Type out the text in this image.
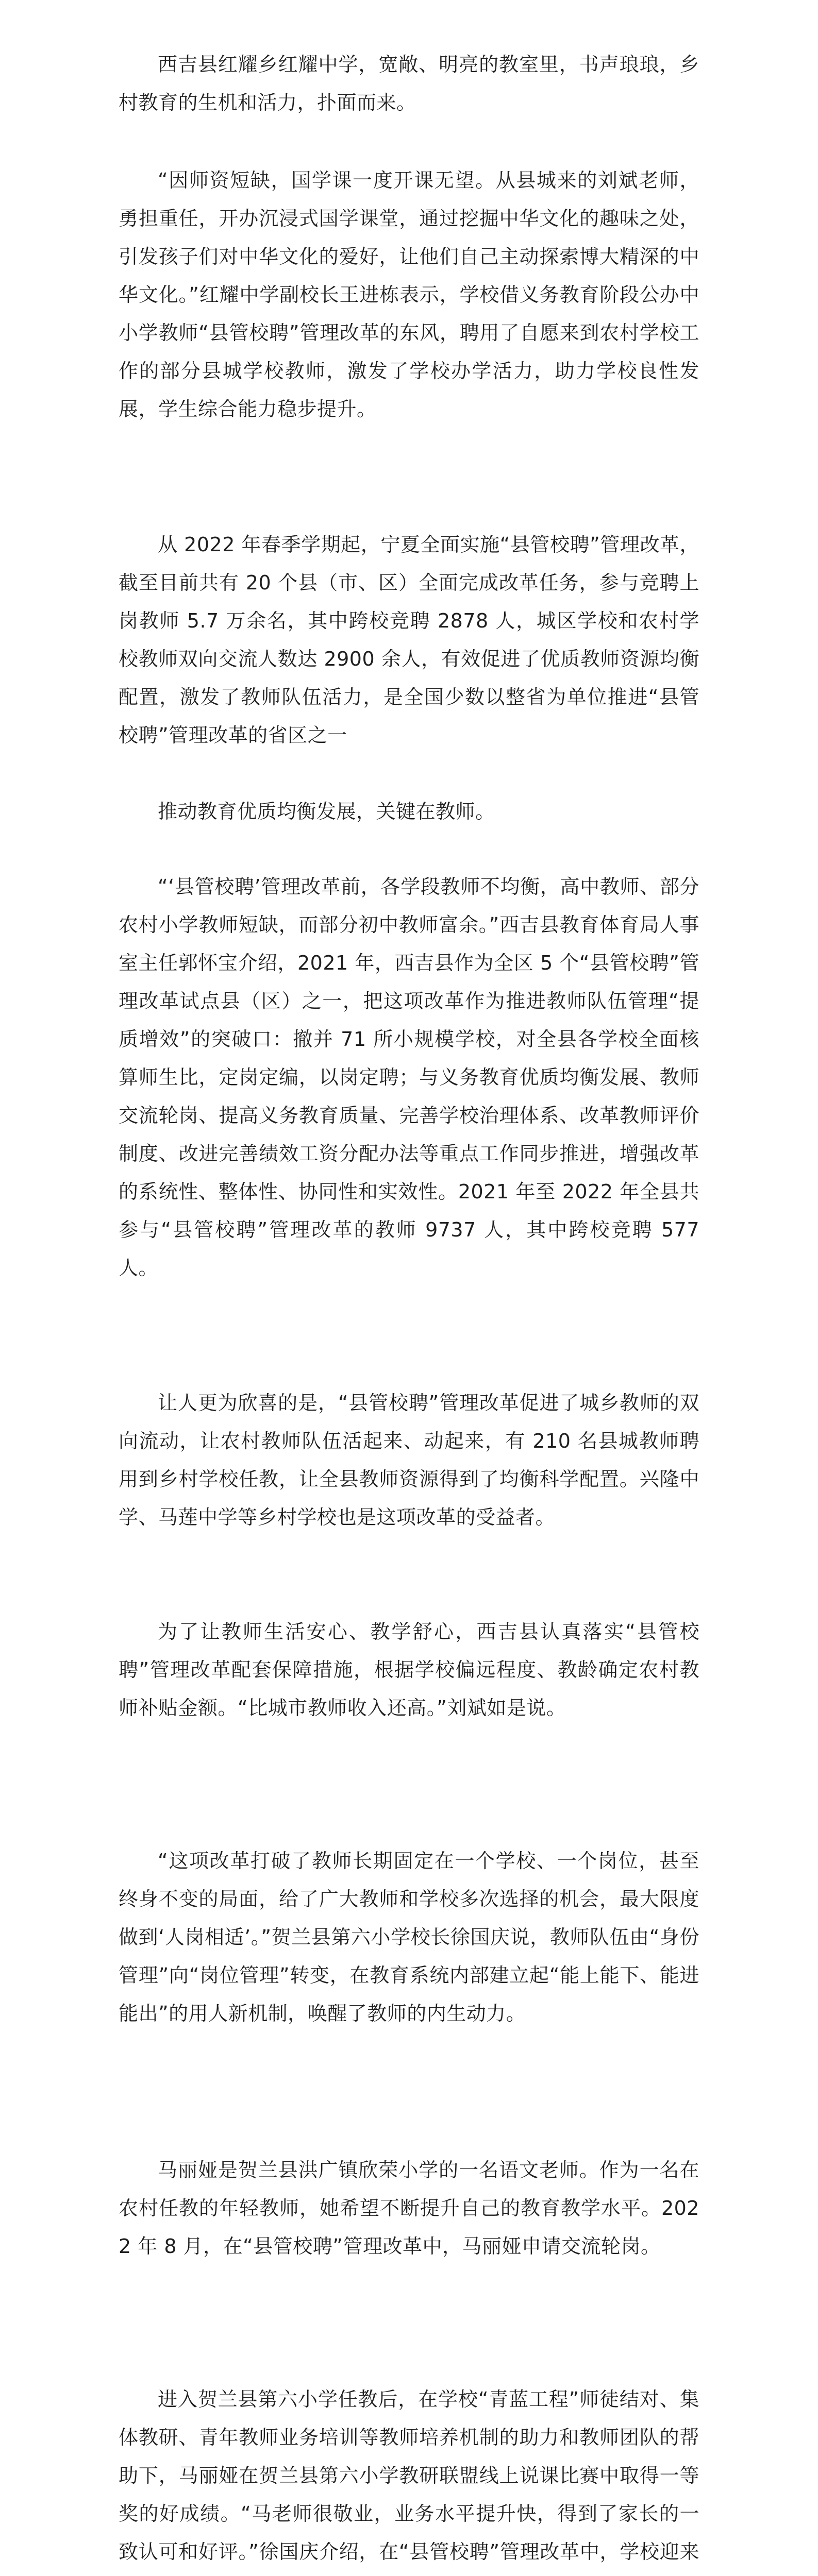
西吉县红耀乡红耀中学，宽敞、明亮的教室里，书声琅琅，乡村教育的生机和活力，扑面而来。

“因师资短缺，国学课一度开课无望。从县城来的刘斌老师，勇担重任，开办沉浸式国学课堂，通过挖掘中华文化的趣味之处，引发孩子们对中华文化的爱好，让他们自己主动探索博大精深的中华文化。”红耀中学副校长王进栋表示，学校借义务教育阶段公办中小学教师“县管校聘”管理改革的东风，聘用了自愿来到农村学校工作的部分县城学校教师，激发了学校办学活力，助力学校良性发展，学生综合能力稳步提升。

从 2022 年春季学期起，宁夏全面实施“县管校聘”管理改革，截至目前共有 20 个县（市、区）全面完成改革任务，参与竞聘上岗教师 5.7 万余名，其中跨校竞聘 2878 人，城区学校和农村学校教师双向交流人数达 2900 余人，有效促进了优质教师资源均衡配置，激发了教师队伍活力，是全国少数以整省为单位推进“县管校聘”管理改革的省区之一

推动教育优质均衡发展，关键在教师。

“‘县管校聘’管理改革前，各学段教师不均衡，高中教师、部分农村小学教师短缺，而部分初中教师富余。”西吉县教育体育局人事室主任郭怀宝介绍，2021 年，西吉县作为全区 5 个“县管校聘”管理改革试点县（区）之一，把这项改革作为推进教师队伍管理“提质增效”的突破口：撤并 71 所小规模学校，对全县各学校全面核算师生比，定岗定编，以岗定聘；与义务教育优质均衡发展、教师交流轮岗、提高义务教育质量、完善学校治理体系、改革教师评价制度、改进完善绩效工资分配办法等重点工作同步推进，增强改革的系统性、整体性、协同性和实效性。2021 年至 2022 年全县共参与“县管校聘”管理改革的教师 9737 人，其中跨校竞聘 577 人。

让人更为欣喜的是，“县管校聘”管理改革促进了城乡教师的双向流动，让农村教师队伍活起来、动起来，有 210 名县城教师聘用到乡村学校任教，让全县教师资源得到了均衡科学配置。兴隆中学、马莲中学等乡村学校也是这项改革的受益者。

为了让教师生活安心、教学舒心，西吉县认真落实“县管校聘”管理改革配套保障措施，根据学校偏远程度、教龄确定农村教师补贴金额。“比城市教师收入还高。”刘斌如是说。

“这项改革打破了教师长期固定在一个学校、一个岗位，甚至终身不变的局面，给了广大教师和学校多次选择的机会，最大限度做到‘人岗相适’。”贺兰县第六小学校长徐国庆说，教师队伍由“身份管理”向“岗位管理”转变，在教育系统内部建立起“能上能下、能进能出”的用人新机制，唤醒了教师的内生动力。

马丽娅是贺兰县洪广镇欣荣小学的一名语文老师。作为一名在农村任教的年轻教师，她希望不断提升自己的教育教学水平。2022 年 8 月，在“县管校聘”管理改革中，马丽娅申请交流轮岗。

进入贺兰县第六小学任教后，在学校“青蓝工程”师徒结对、集体教研、青年教师业务培训等教师培养机制的助力和教师团队的帮助下，马丽娅在贺兰县第六小学教研联盟线上说课比赛中取得一等奖的好成绩。“马老师很敬业，业务水平提升快，得到了家长的一致认可和好评。”徐国庆介绍，在“县管校聘”管理改革中，学校迎来
